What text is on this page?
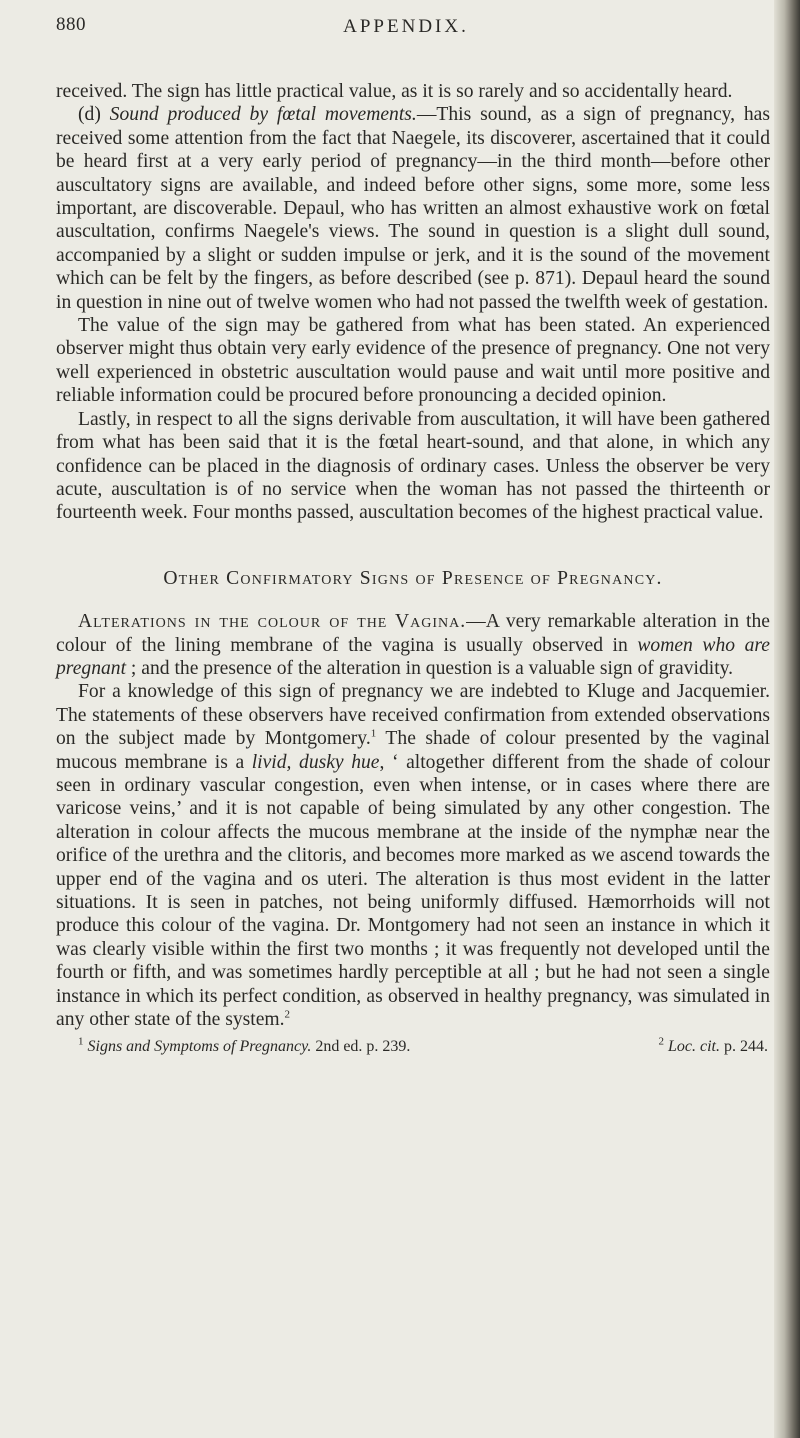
880	APPENDIX.

received. The sign has little practical value, as it is so rarely and so accidentally heard.

(d) Sound produced by fœtal movements.—This sound, as a sign of pregnancy, has received some attention from the fact that Naegele, its discoverer, ascertained that it could be heard first at a very early period of pregnancy—in the third month—before other auscultatory signs are available, and indeed before other signs, some more, some less important, are discoverable. Depaul, who has written an almost exhaustive work on fœtal auscultation, confirms Naegele's views. The sound in question is a slight dull sound, accompanied by a slight or sudden impulse or jerk, and it is the sound of the movement which can be felt by the fingers, as before described (see p. 871). Depaul heard the sound in question in nine out of twelve women who had not passed the twelfth week of gestation.

The value of the sign may be gathered from what has been stated. An experienced observer might thus obtain very early evidence of the presence of pregnancy. One not very well experienced in obstetric auscultation would pause and wait until more positive and reliable information could be procured before pronouncing a decided opinion.

Lastly, in respect to all the signs derivable from auscultation, it will have been gathered from what has been said that it is the fœtal heart-sound, and that alone, in which any confidence can be placed in the diagnosis of ordinary cases. Unless the observer be very acute, auscultation is of no service when the woman has not passed the thirteenth or fourteenth week. Four months passed, auscultation becomes of the highest practical value.

Other Confirmatory Signs of Presence of Pregnancy.

Alterations in the colour of the Vagina.—A very remarkable alteration in the colour of the lining membrane of the vagina is usually observed in women who are pregnant ; and the presence of the alteration in question is a valuable sign of gravidity.

For a knowledge of this sign of pregnancy we are indebted to Kluge and Jacquemier. The statements of these observers have received confirmation from extended observations on the subject made by Montgomery.$^1$ The shade of colour presented by the vaginal mucous membrane is a livid, dusky hue, ‘ altogether different from the shade of colour seen in ordinary vascular congestion, even when intense, or in cases where there are varicose veins,’ and it is not capable of being simulated by any other congestion. The alteration in colour affects the mucous membrane at the inside of the nymphæ near the orifice of the urethra and the clitoris, and becomes more marked as we ascend towards the upper end of the vagina and os uteri. The alteration is thus most evident in the latter situations. It is seen in patches, not being uniformly diffused. Hæmorrhoids will not produce this colour of the vagina. Dr. Montgomery had not seen an instance in which it was clearly visible within the first two months ; it was frequently not developed until the fourth or fifth, and was sometimes hardly perceptible at all ; but he had not seen a single instance in which its perfect condition, as observed in healthy pregnancy, was simulated in any other state of the system.$^2$

$^1$ Signs and Symptoms of Pregnancy. 2nd ed. p. 239.	$^2$ Loc. cit. p. 244.
